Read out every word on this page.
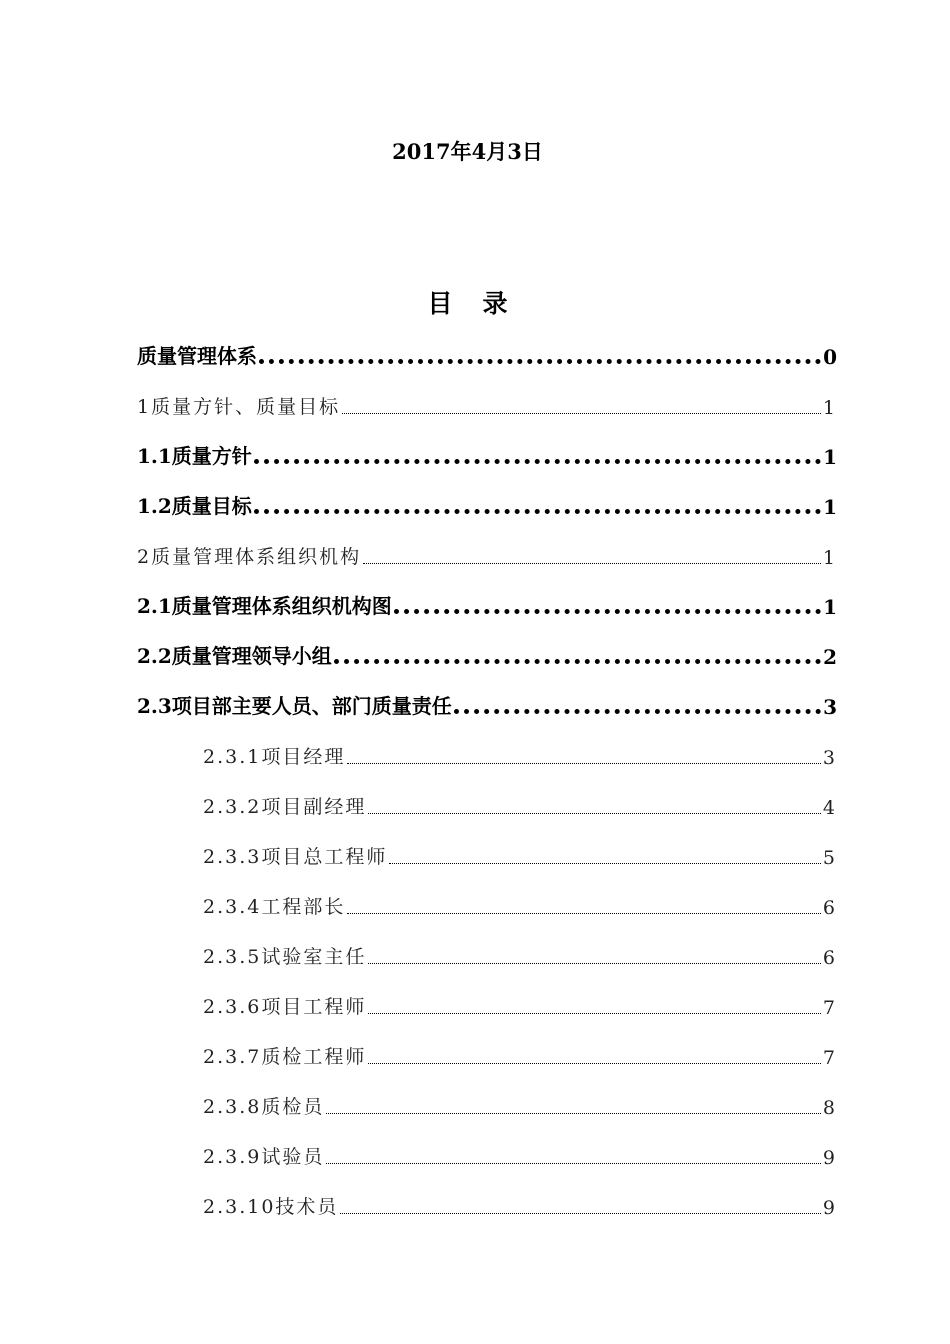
2017年4月3日
目录
质量管理体系	0
1质量方针、质量目标	1
1.1质量方针	1
1.2质量目标	1
2质量管理体系组织机构	1
2.1质量管理体系组织机构图	1
2.2质量管理领导小组	2
2.3项目部主要人员、部门质量责任	3
2.3.1项目经理	3
2.3.2项目副经理	4
2.3.3项目总工程师	5
2.3.4工程部长	6
2.3.5试验室主任	6
2.3.6项目工程师	7
2.3.7质检工程师	7
2.3.8质检员	8
2.3.9试验员	9
2.3.10技术员	9
